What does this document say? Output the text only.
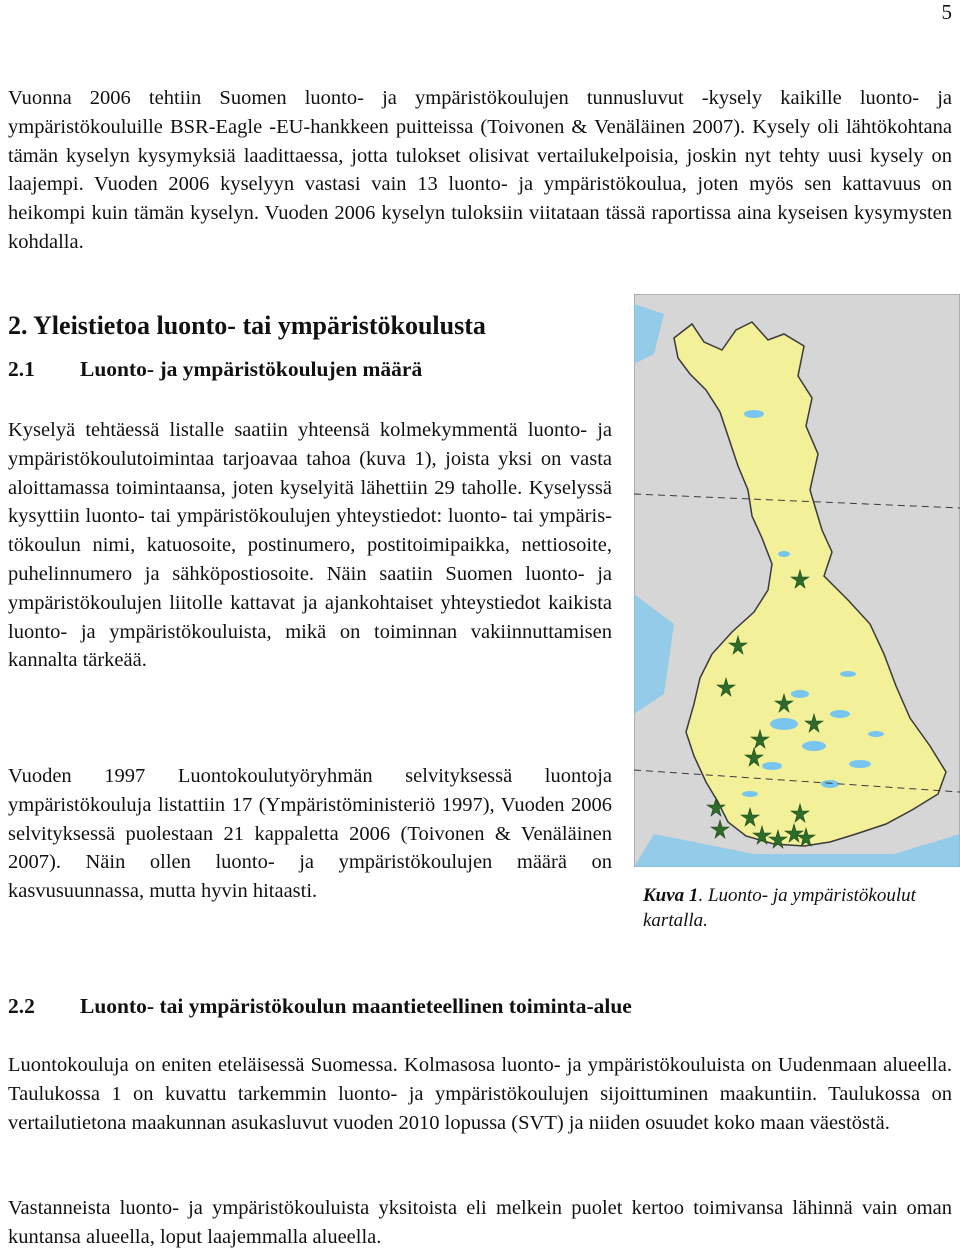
5

Vuonna 2006 tehtiin Suomen luonto- ja ympäristökoulujen tunnusluvut -kysely kaikille luonto- ja ympäristökouluille BSR-Eagle -EU-hankkeen puitteissa (Toivonen & Venäläinen 2007). Kysely oli lähtökohtana tämän kyselyn kysymyksiä laadittaessa, jotta tulokset olisivat vertailukelpoisia, joskin nyt tehty uusi kysely on laajempi. Vuoden 2006 kyselyyn vastasi vain 13 luonto- ja ympäristökoulua, joten myös sen kattavuus on heikompi kuin tämän kyselyn. Vuoden 2006 kyselyn tuloksiin viitataan tässä raportissa aina kyseisen kysymysten kohdalla.

2. Yleistietoa luonto- tai ympäristökoulusta
2.1 Luonto- ja ympäristökoulujen määrä

Kyselyä tehtäessä listalle saatiin yhteensä kolmekymmentä luonto- ja ympäristökoulutoimintaa tarjoavaa tahoa (kuva 1), joista yksi on vasta aloittamassa toimintaansa, joten kyselyitä lähettiin 29 taholle. Kyselyssä kysyttiin luonto- tai ympäristökoulujen yhteystiedot: luonto- tai ympäristökoulun nimi, katuosoite, postinumero, postitoimipaikka, nettiosoite, puhelinnumero ja sähköpostiosoite. Näin saatiin Suomen luonto- ja ympäristökoulujen liitolle kattavat ja ajankohtaiset yhteystiedot kaikista luonto- ja ympäristökouluista, mikä on toiminnan vakiinnuttamisen kannalta tärkeää.

Vuoden 1997 Luontokoulutyöryhmän selvityksessä luontoja ympäristökouluja listattiin 17 (Ympäristöministeriö 1997), Vuoden 2006 selvityksessä puolestaan 21 kappaletta 2006 (Toivonen & Venäläinen 2007). Näin ollen luonto- ja ympäristökoulujen määrä on kasvusuunnassa, mutta hyvin hitaasti.	Kuva 1. Luonto- ja ympäristökoulut kartalla.

2.2 Luonto- tai ympäristökoulun maantieteellinen toiminta-alue

Luontokouluja on eniten eteläisessä Suomessa. Kolmasosa luonto- ja ympäristökouluista on Uudenmaan alueella. Taulukossa 1 on kuvattu tarkemmin luonto- ja ympäristökoulujen sijoittuminen maakuntiin. Taulukossa on vertailutietona maakunnan asukasluvut vuoden 2010 lopussa (SVT) ja niiden osuudet koko maan väestöstä.

Vastanneista luonto- ja ympäristökouluista yksitoista eli melkein puolet kertoo toimivansa lähinnä vain oman kuntansa alueella, loput laajemmalla alueella.
